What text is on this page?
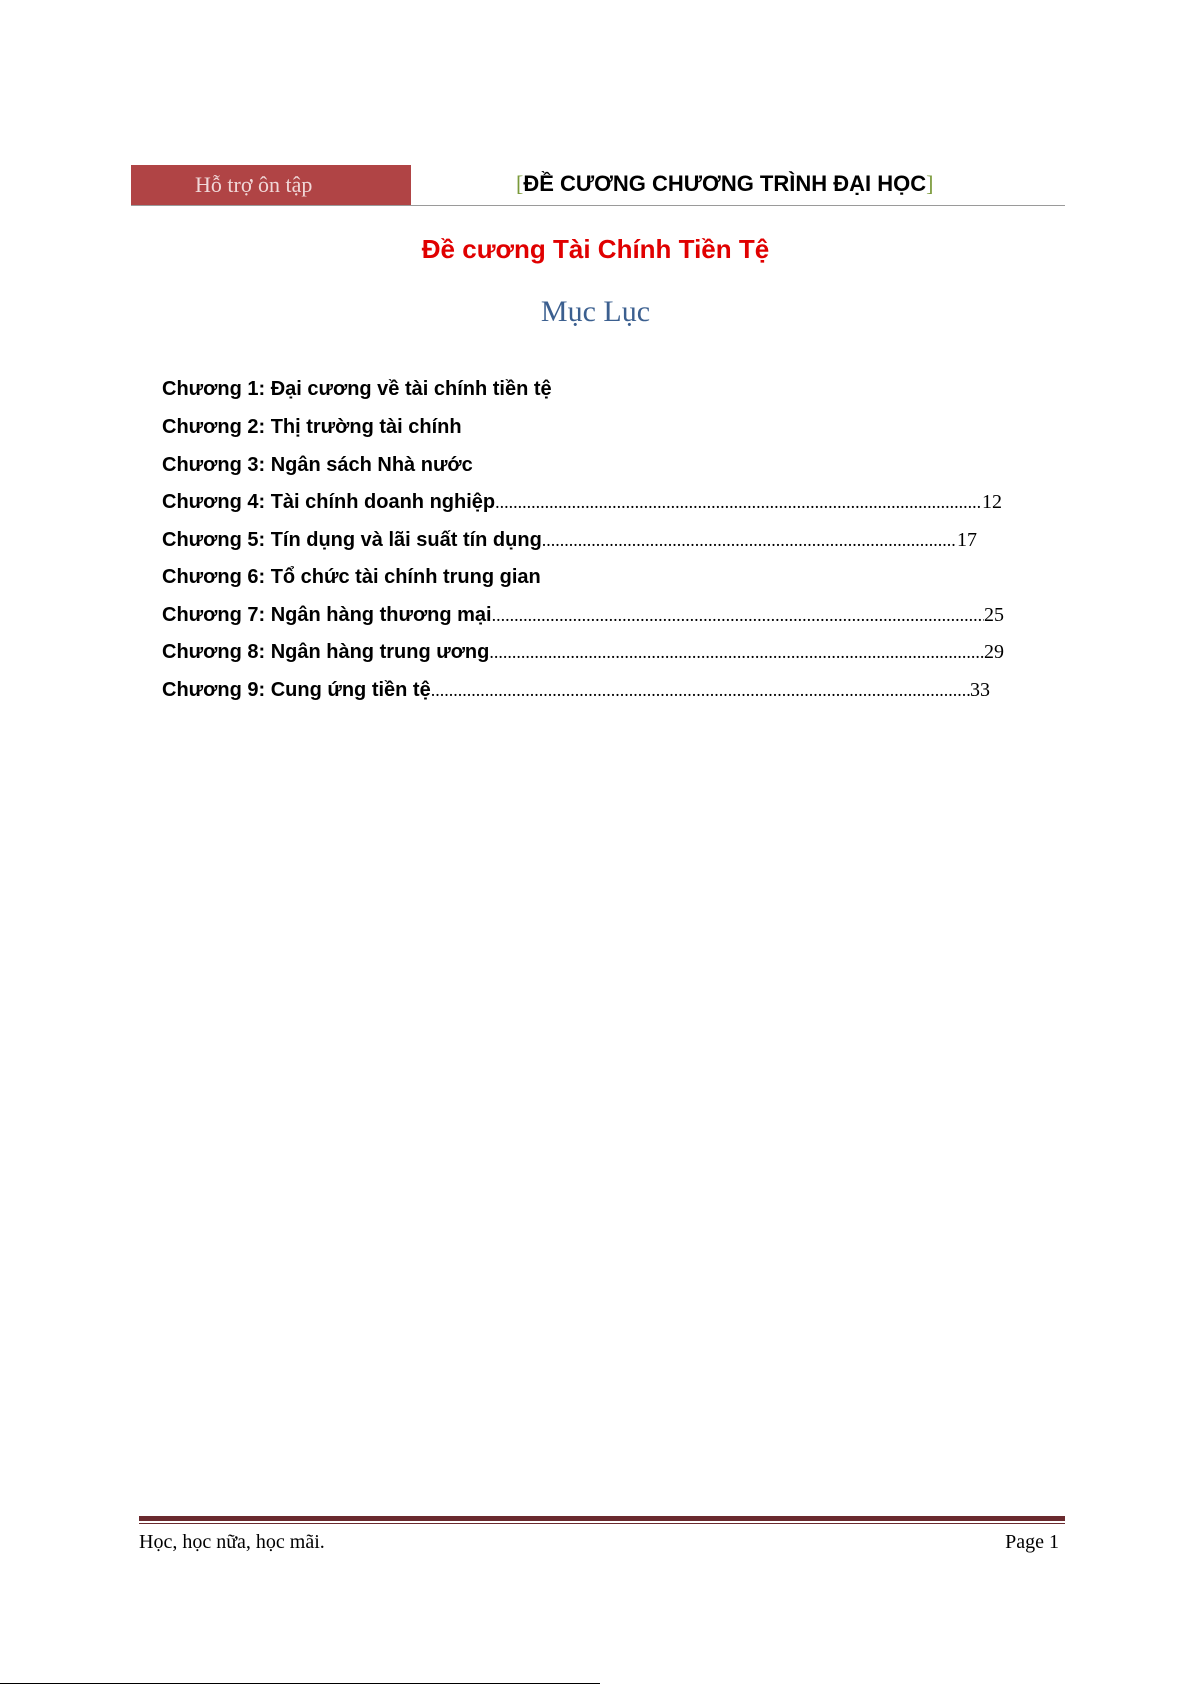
Hỗ trợ ôn tập	[ĐỀ CƯƠNG CHƯƠNG TRÌNH ĐẠI HỌC]
Đề cương Tài Chính Tiền Tệ
Mục Lục
Chương 1: Đại cương về tài chính tiền tệ
Chương 2: Thị trường tài chính
Chương 3: Ngân sách Nhà nước
Chương 4: Tài chính doanh nghiệp .....	12
Chương 5: Tín dụng và lãi suất tín dụng .....	17
Chương 6: Tổ chức tài chính trung gian
Chương 7: Ngân hàng thương mại .....	25
Chương 8: Ngân hàng trung ương .....	29
Chương 9: Cung ứng tiền tệ .....	33
Học, học nữa, học mãi.	Page 1
